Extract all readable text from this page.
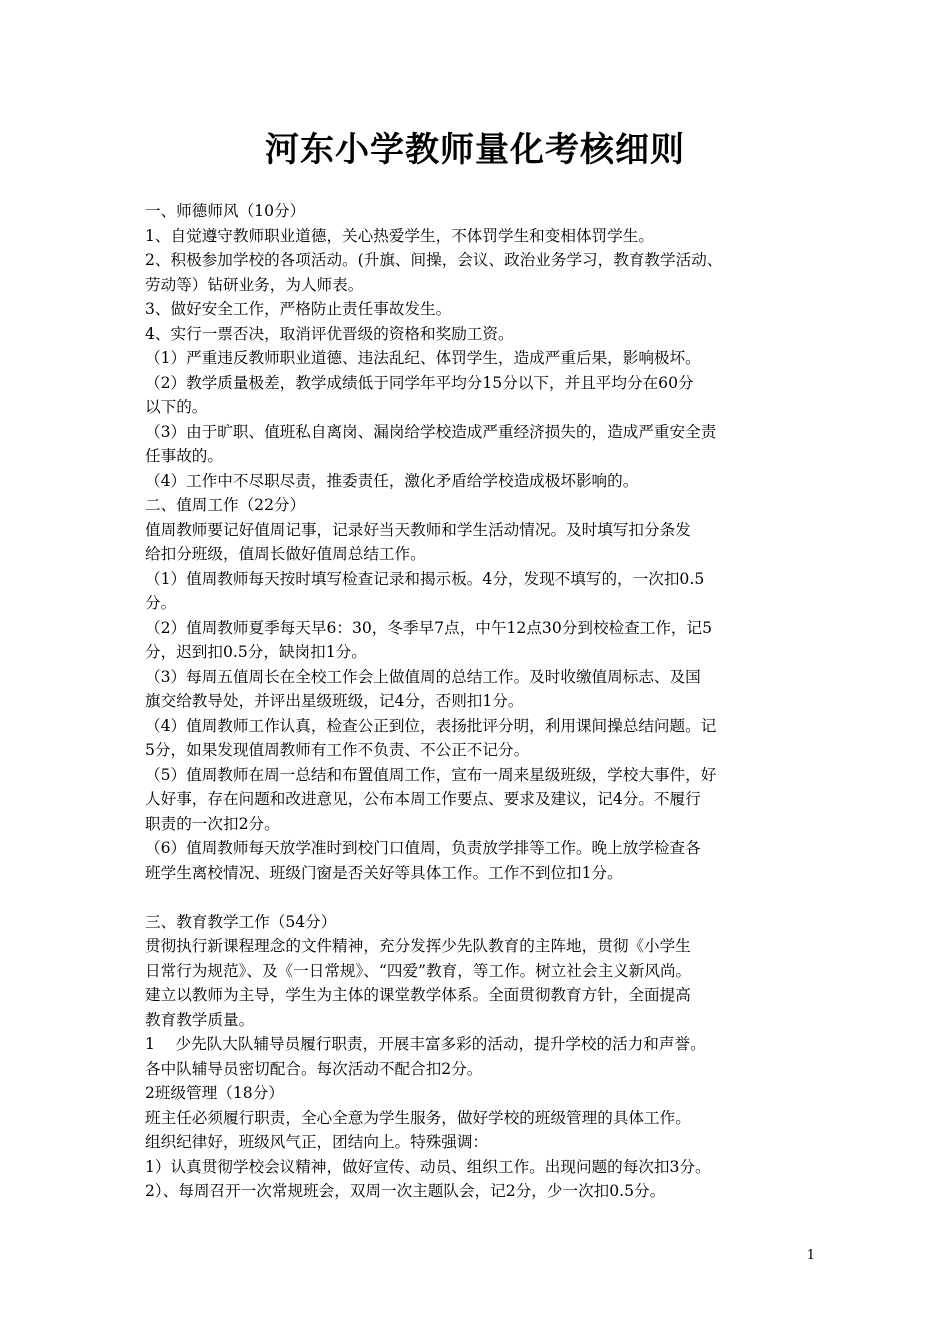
河东小学教师量化考核细则
一、师德师风（10分）
1、自觉遵守教师职业道德，关心热爱学生，不体罚学生和变相体罚学生。
2、积极参加学校的各项活动。(升旗、间操，会议、政治业务学习，教育教学活动、
劳动等）钻研业务，为人师表。
3、做好安全工作，严格防止责任事故发生。
4、实行一票否决，取消评优晋级的资格和奖励工资。
（1）严重违反教师职业道德、违法乱纪、体罚学生，造成严重后果，影响极坏。
（2）教学质量极差，教学成绩低于同学年平均分15分以下，并且平均分在60分
以下的。
（3）由于旷职、值班私自离岗、漏岗给学校造成严重经济损失的，造成严重安全责
任事故的。
（4）工作中不尽职尽责，推委责任，激化矛盾给学校造成极坏影响的。
二、值周工作（22分）
值周教师要记好值周记事，记录好当天教师和学生活动情况。及时填写扣分条发
给扣分班级，值周长做好值周总结工作。
（1）值周教师每天按时填写检查记录和揭示板。4分，发现不填写的，一次扣0.5
分。
（2）值周教师夏季每天早6：30，冬季早7点，中午12点30分到校检查工作，记5
分，迟到扣0.5分，缺岗扣1分。
（3）每周五值周长在全校工作会上做值周的总结工作。及时收缴值周标志、及国
旗交给教导处，并评出星级班级，记4分，否则扣1分。
（4）值周教师工作认真，检查公正到位，表扬批评分明，利用课间操总结问题。记
5分，如果发现值周教师有工作不负责、不公正不记分。
（5）值周教师在周一总结和布置值周工作，宣布一周来星级班级，学校大事件，好
人好事，存在问题和改进意见，公布本周工作要点、要求及建议，记4分。不履行
职责的一次扣2分。
（6）值周教师每天放学准时到校门口值周，负责放学排等工作。晚上放学检查各
班学生离校情况、班级门窗是否关好等具体工作。工作不到位扣1分。
三、教育教学工作（54分）
贯彻执行新课程理念的文件精神，充分发挥少先队教育的主阵地，贯彻《小学生
日常行为规范》、及《一日常规》、“四爱”教育，等工作。树立社会主义新风尚。
建立以教师为主导，学生为主体的课堂教学体系。全面贯彻教育方针，全面提高
教育教学质量。
1　 少先队大队辅导员履行职责，开展丰富多彩的活动，提升学校的活力和声誉。
各中队辅导员密切配合。每次活动不配合扣2分。
2班级管理（18分）
班主任必须履行职责，全心全意为学生服务，做好学校的班级管理的具体工作。
组织纪律好，班级风气正，团结向上。特殊强调：
1）认真贯彻学校会议精神，做好宣传、动员、组织工作。出现问题的每次扣3分。
2）、每周召开一次常规班会，双周一次主题队会，记2分，少一次扣0.5分。
1
